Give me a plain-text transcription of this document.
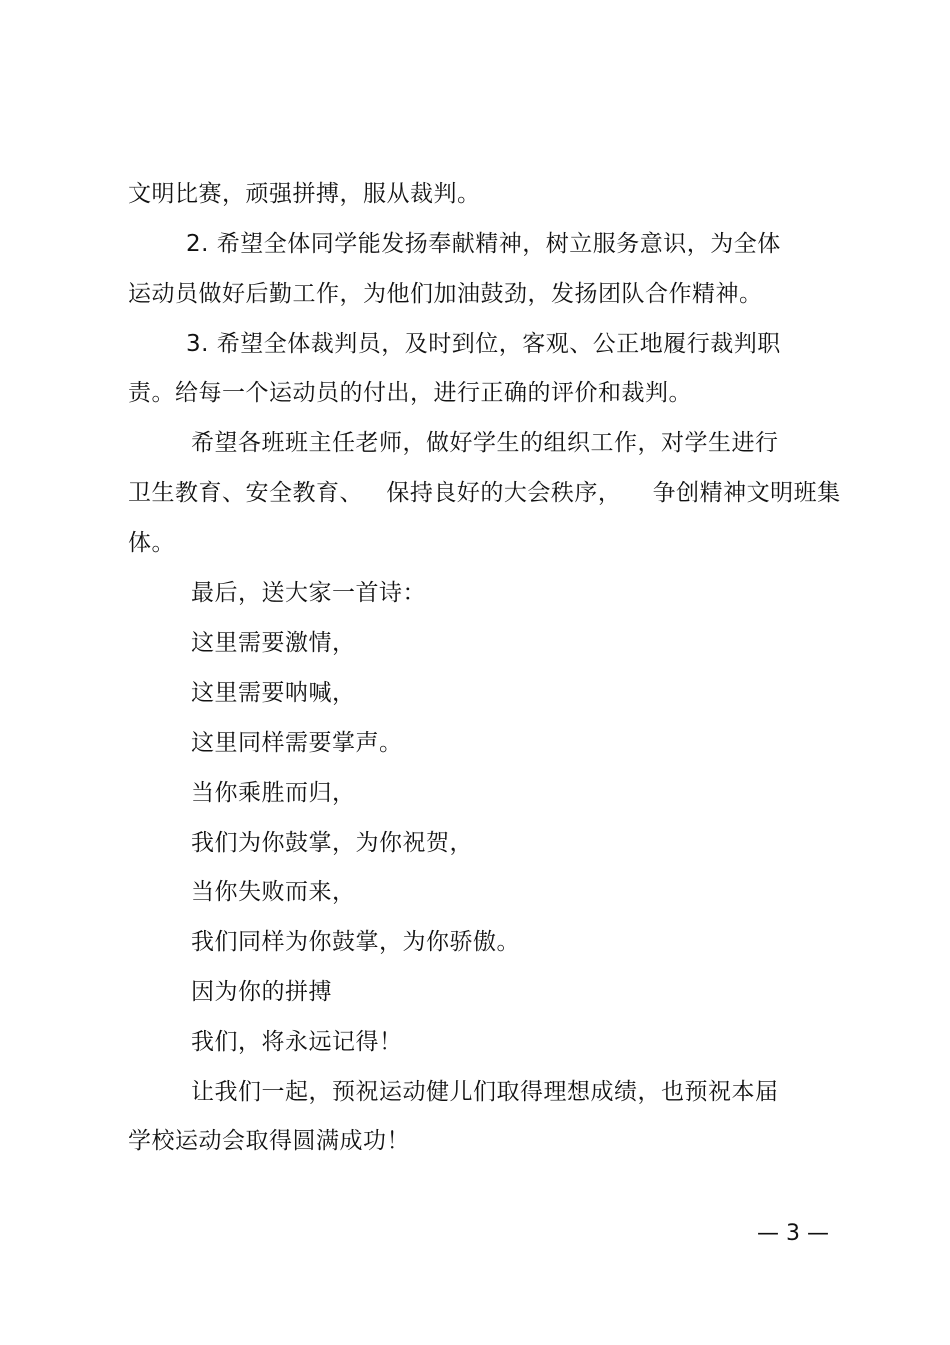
文明比赛，顽强拼搏，服从裁判。
2. 希望全体同学能发扬奉献精神，树立服务意识，为全体
运动员做好后勤工作，为他们加油鼓劲，发扬团队合作精神。
3. 希望全体裁判员，及时到位，客观、公正地履行裁判职
责。给每一个运动员的付出，进行正确的评价和裁判。
希望各班班主任老师，做好学生的组织工作，对学生进行
卫生教育、安全教育、   保持良好的大会秩序，    争创精神文明班集
体。
最后，送大家一首诗：
这里需要激情，
这里需要呐喊，
这里同样需要掌声。
当你乘胜而归，
我们为你鼓掌，为你祝贺，
当你失败而来，
我们同样为你鼓掌，为你骄傲。
因为你的拼搏
我们，将永远记得！
让我们一起，预祝运动健儿们取得理想成绩，也预祝本届
学校运动会取得圆满成功！
— 3 —
